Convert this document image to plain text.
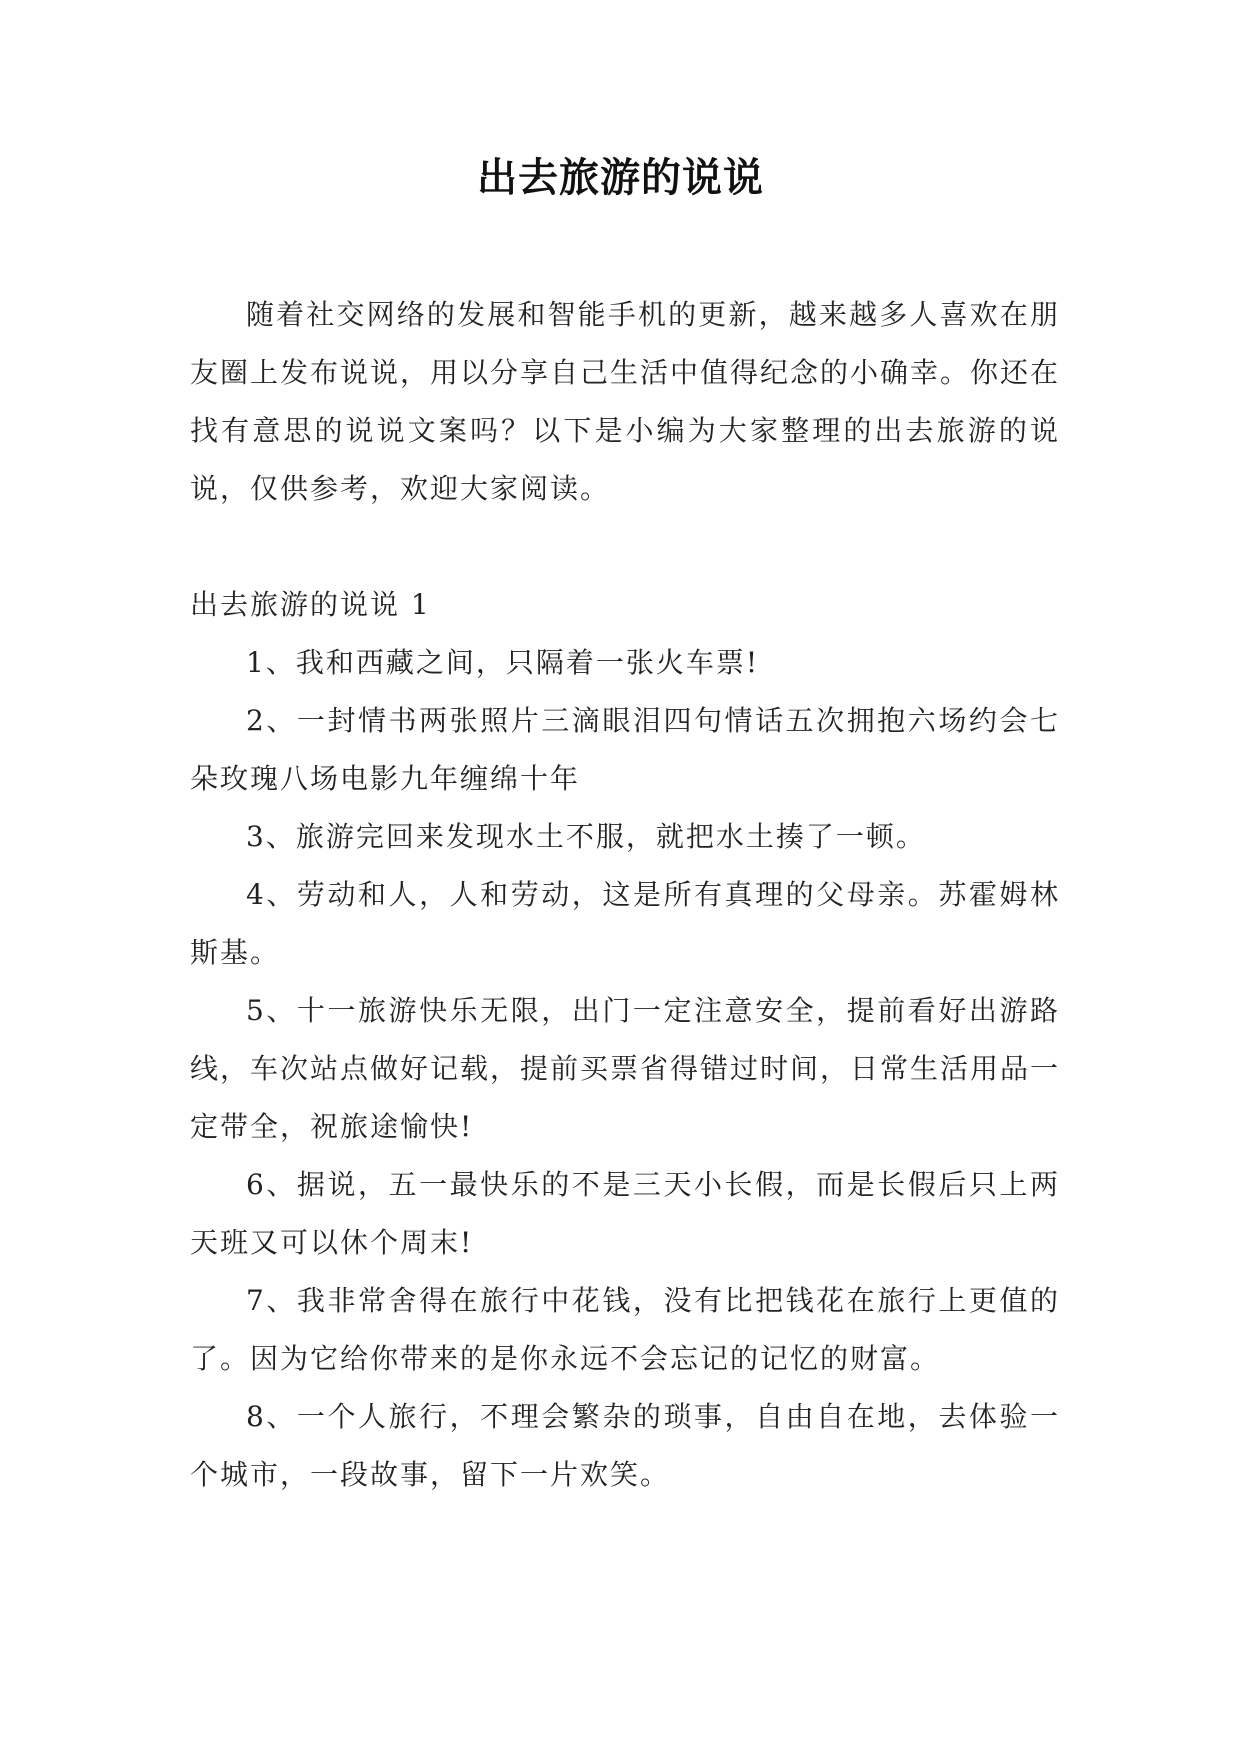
出去旅游的说说

随着社交网络的发展和智能手机的更新，越来越多人喜欢在朋友圈上发布说说，用以分享自己生活中值得纪念的小确幸。你还在找有意思的说说文案吗？以下是小编为大家整理的出去旅游的说说，仅供参考，欢迎大家阅读。

出去旅游的说说 1

1、我和西藏之间，只隔着一张火车票!

2、一封情书两张照片三滴眼泪四句情话五次拥抱六场约会七朵玫瑰八场电影九年缠绵十年

3、旅游完回来发现水土不服，就把水土揍了一顿。

4、劳动和人，人和劳动，这是所有真理的父母亲。苏霍姆林斯基。

5、十一旅游快乐无限，出门一定注意安全，提前看好出游路线，车次站点做好记载，提前买票省得错过时间，日常生活用品一定带全，祝旅途愉快!

6、据说，五一最快乐的不是三天小长假，而是长假后只上两天班又可以休个周末!

7、我非常舍得在旅行中花钱，没有比把钱花在旅行上更值的了。因为它给你带来的是你永远不会忘记的记忆的财富。

8、一个人旅行，不理会繁杂的琐事，自由自在地，去体验一个城市，一段故事，留下一片欢笑。
